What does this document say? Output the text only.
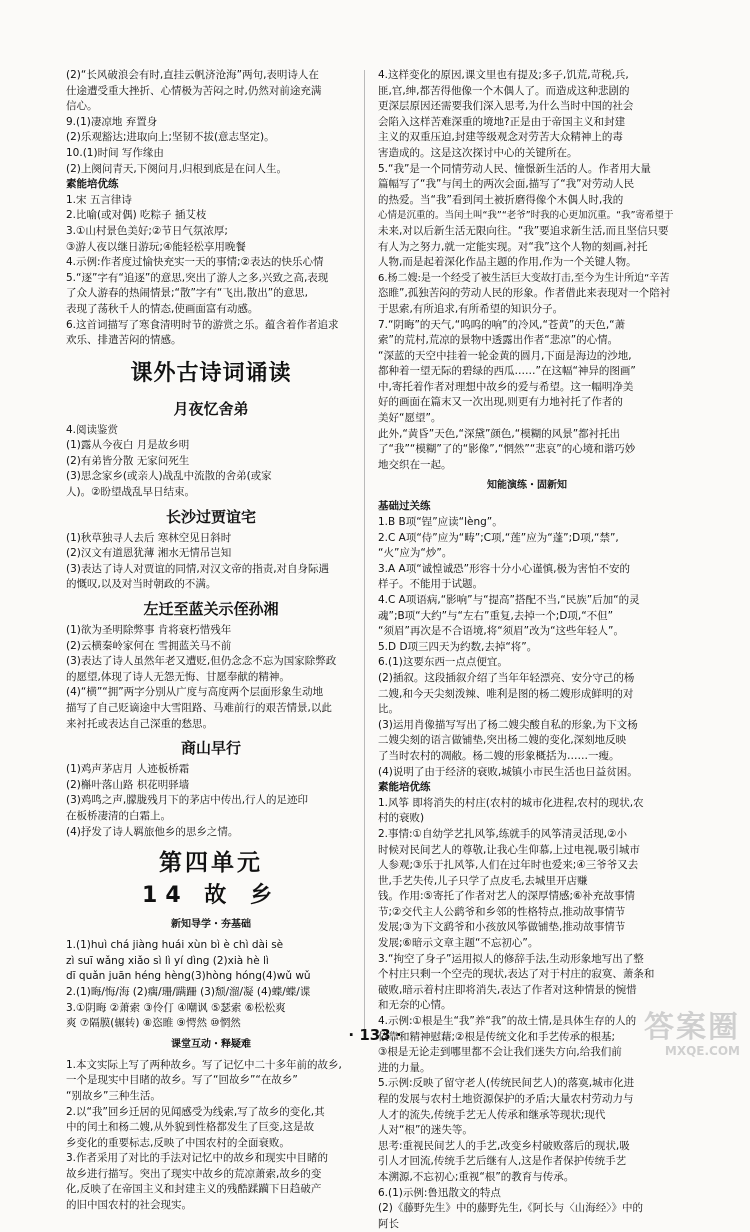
(2)“长风破浪会有时,直挂云帆济沧海”两句,表明诗人在
仕途遭受重大挫折、心情极为苦闷之时,仍然对前途充满
信心。
9.(1)凄凉地 弃置身
(2)乐观豁达;进取向上;坚韧不拔(意志坚定)。
10.(1)时间 写作缘由
(2)上阕问青天,下阕问月,归根到底是在问人生。
素能培优练
1.宋 五言律诗
2.比喻(或对偶) 吃粽子 插艾枝
3.①山村景色美好;②节日气氛浓厚;
③游人夜以继日游玩;④能轻松享用晚餐
4.示例:作者度过愉快充实一天的事情;②表达的快乐心情
5.“逐”字有“追逐”的意思,突出了游人之多,兴致之高,表现
了众人游春的热闹情景;“散”字有“飞出,散出”的意思,
表现了荡秋千人的情态,使画面富有动感。
6.这首词描写了寒食清明时节的游赏之乐。蕴含着作者追求
欢乐、排遣苦闷的情感。
课外古诗词诵读
月夜忆舍弟
4.阅读鉴赏
(1)露从今夜白 月是故乡明
(2)有弟皆分散 无家问死生
(3)思念家乡(或亲人)战乱中流散的舍弟(或家
人)。②盼望战乱早日结束。
长沙过贾谊宅
(1)秋草独寻人去后 寒林空见日斜时
(2)汉文有道恩犹薄 湘水无情吊岂知
(3)表达了诗人对贾谊的同情,对汉文帝的指责,对自身际遇
的慨叹,以及对当时朝政的不满。
左迁至蓝关示侄孙湘
(1)欲为圣明除弊事 肯将衰朽惜残年
(2)云横秦岭家何在 雪拥蓝关马不前
(3)表达了诗人虽然年老又遭贬,但仍念念不忘为国家除弊政
的愿望,体现了诗人无怨无悔、甘愿奉献的精神。
(4)“横”“拥”两字分别从广度与高度两个层面形象生动地
描写了自己贬谪途中大雪阻路、马难前行的艰苦情景,以此
来衬托或表达自己深重的愁思。
商山早行
(1)鸡声茅店月 人迹板桥霜
(2)槲叶落山路 枳花明驿墙
(3)鸡鸣之声,朦胧残月下的茅店中传出,行人的足迹印
在板桥凄清的白霜上。
(4)抒发了诗人羁旅他乡的思乡之情。
第四单元
14 故 乡
新知导学・夯基础
1.(1)huì chá jiàng huái xùn bì è chì dài sè
zì suī wǎng xiǎo sì lì yí dìng (2)xià hè lì
dī quǎn juān héng hèng(3)hòng hóng(4)wǔ wǔ
2.(1)晦/悔/海 (2)瘸/珊/蹒跚 (3)颓/溜/凝 (4)蝶/蝶/谍
3.①阴晦 ②萧索 ③伶仃 ④嘲讽 ⑤瑟索 ⑥松松爽
爽 ⑦隔膜(辗转) ⑧恣睢 ⑨愕然 ⑩惘然
课堂互动・释疑难
1.本文实际上写了两种故乡。写了记忆中二十多年前的故乡,
一个是现实中目睹的故乡。写了“回故乡”“在故乡”
“别故乡”三种生活。
2.以“我”回乡迁居的见闻感受为线索,写了故乡的变化,其
中的闰土和杨二嫂,从外貌到性格都发生了巨变,这是故
乡变化的重要标志,反映了中国农村的全面衰败。
3.作者采用了对比的手法对记忆中的故乡和现实中目睹的
故乡进行描写。突出了现实中故乡的荒凉萧索,故乡的变
化,反映了在帝国主义和封建主义的残酷蹂躏下日趋破产
的旧中国农村的社会现实。
4.这样变化的原因,课文里也有提及;多子,饥荒,苛税,兵,
匪,官,绅,都苦得他像一个木偶人了。而造成这种悲剧的
更深层原因还需要我们深入思考,为什么当时中国的社会
会陷入这样苦难深重的境地?正是由于帝国主义和封建
主义的双重压迫,封建等级观念对劳苦大众精神上的毒
害造成的。这是这次探讨中心的关键所在。
5.“我”是一个同情劳动人民、憧憬新生活的人。作者用大量
篇幅写了“我”与闰土的两次会面,描写了“我”对劳动人民
的热爱。当“我”看到闰土被折磨得像个木偶人时,我的
心情是沉重的。当闰土叫“我”“老爷”时我的心更加沉重。“我”寄希望于
未来,对以后新生活无限向往。“我”要追求新生活,而且坚信只要
有人为之努力,就一定能实现。对“我”这个人物的刻画,衬托
人物,而是起着深化作品主题的作用,作为一个关键人物。
6.杨二嫂:是一个经受了被生活巨大变故打击,至今为生计所迫“辛苦
恣睢”,孤独苦闷的劳动人民的形象。作者借此来表现对一个陪衬
于思索,有所追求,有所希望的知识分子。
7.“阴晦”的天气,“呜呜的响”的冷风,“苍黄”的天色,“萧
索”的荒村,荒凉的景物中透露出作者“悲凉”的心情。
“深蓝的天空中挂着一轮金黄的圆月,下面是海边的沙地,
都种着一望无际的碧绿的西瓜……”在这幅“神异的图画”
中,寄托着作者对理想中故乡的爱与希望。这一幅明净美
好的画面在篇末又一次出现,则更有力地衬托了作者的
美好“愿望”。
此外,“黄昏”天色,“深黛”颜色,“模糊的风景”都衬托出
了“我”“模糊”了的“影像”,“惘然”“悲哀”的心境和谐巧妙
地交织在一起。
知能演练・固新知
基础过关练
1.B B项“锃”应读“lèng”。
2.C A项“侍”应为“畴”;C项,“莲”应为“蓬”;D项,“禁”,
“火”应为“炒”。
3.A A项“诚惶诚恐”形容十分小心谨慎,极为害怕不安的
样子。不能用于试题。
4.C A项语病,“影响”与“提高”搭配不当,“民族”后加“的灵
魂”;B项“大约”与“左右”重复,去掉一个;D项,“不但”
“须眉”再次是不合语境,将“须眉”改为“这些年轻人”。
5.D D项三四天为约数,去掉“将”。
6.(1)这要东西一点点便宜。
(2)插叙。这段插叙介绍了当年年轻漂亮、安分守己的杨
二嫂,和今天尖刻泼辣、唯利是图的杨二嫂形成鲜明的对
比。
(3)运用肖像描写写出了杨二嫂尖酸自私的形象,为下文杨
二嫂尖刻的语言做铺垫,突出杨二嫂的变化,深刻地反映
了当时农村的凋敝。杨二嫂的形象概括为……一瘦。
(4)说明了由于经济的衰败,城镇小市民生活也日益贫困。
素能培优练
1.风筝 即将消失的村庄(农村的城市化进程,农村的现状,农
村的衰败)
2.事情:①自幼学艺扎风筝,练就手的风筝清灵活现,②小
时候对民间艺人的尊敬,让我心生仰慕,上过电视,吸引城市
人参观;③乐于扎风筝,人们在过年时也爱来;④三爷爷又去
世,手艺失传,儿子只学了点皮毛,去城里开店赚
钱。作用:⑤寄托了作者对艺人的深厚情感;⑥补充故事情
节;②交代主人公鹞爷和乡邻的性格特点,推动故事情节
发展;③为下文鹞爷和小孩放风筝做铺垫,推动故事情节
发展;⑥暗示文章主题“不忘初心”。
3.“拘空了身子”运用拟人的修辞手法,生动形象地写出了整
个村庄只剩一个空壳的现状,表达了对于村庄的寂寞、萧条和
破败,暗示着村庄即将消失,表达了作者对这种情景的惋惜
和无奈的心情。
4.示例:①根是生“我”养“我”的故土情,是具体生存的人的
依靠和精神慰藉;②根是传统文化和手艺传承的根基;
③根是无论走到哪里都不会让我们迷失方向,给我们前
进的力量。
5.示例:反映了留守老人(传统民间艺人)的落寞,城市化进
程的发展与农村土地资源保护的矛盾;大量农村劳动力与
人才的流失,传统手艺无人传承和继承等现状;现代
人对“根”的迷失等。
思考:重视民间艺人的手艺,改变乡村破败落后的现状,吸
引人才回流,传统手艺后继有人,这是作者保护传统手艺
本溯源,不忘初心;重视“根”的教育与传承。
6.(1)示例:鲁迅散文的特点
(2)《藤野先生》中的藤野先生,《阿长与〈山海经〉》中的
阿长
· 133 ·	答案圈
MXQE.COM
